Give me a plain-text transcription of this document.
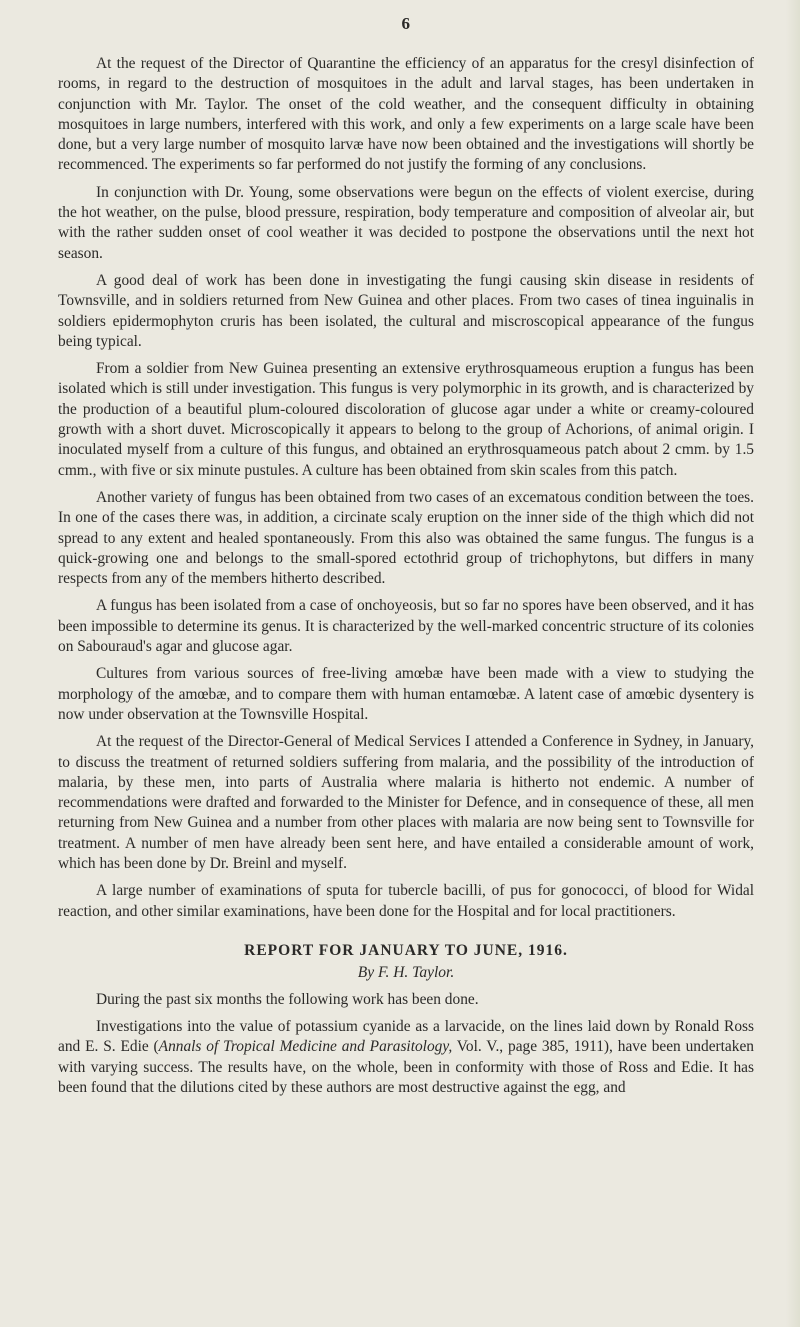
6

At the request of the Director of Quarantine the efficiency of an apparatus for the cresyl disinfection of rooms, in regard to the destruction of mosquitoes in the adult and larval stages, has been undertaken in conjunction with Mr. Taylor. The onset of the cold weather, and the consequent difficulty in obtaining mosquitoes in large numbers, interfered with this work, and only a few experiments on a large scale have been done, but a very large number of mosquito larvæ have now been obtained and the investigations will shortly be recommenced. The experiments so far performed do not justify the forming of any conclusions.

In conjunction with Dr. Young, some observations were begun on the effects of violent exercise, during the hot weather, on the pulse, blood pressure, respiration, body temperature and composition of alveolar air, but with the rather sudden onset of cool weather it was decided to postpone the observations until the next hot season.

A good deal of work has been done in investigating the fungi causing skin disease in residents of Townsville, and in soldiers returned from New Guinea and other places. From two cases of tinea inguinalis in soldiers epidermophyton cruris has been isolated, the cultural and miscroscopical appearance of the fungus being typical.

From a soldier from New Guinea presenting an extensive erythrosquameous eruption a fungus has been isolated which is still under investigation. This fungus is very polymorphic in its growth, and is characterized by the production of a beautiful plum-coloured discoloration of glucose agar under a white or creamy-coloured growth with a short duvet. Microscopically it appears to belong to the group of Achorions, of animal origin. I inoculated myself from a culture of this fungus, and obtained an erythrosquameous patch about 2 cmm. by 1.5 cmm., with five or six minute pustules. A culture has been obtained from skin scales from this patch.

Another variety of fungus has been obtained from two cases of an excematous condition between the toes. In one of the cases there was, in addition, a circinate scaly eruption on the inner side of the thigh which did not spread to any extent and healed spontaneously. From this also was obtained the same fungus. The fungus is a quick-growing one and belongs to the small-spored ectothrid group of trichophytons, but differs in many respects from any of the members hitherto described.

A fungus has been isolated from a case of onchoyeosis, but so far no spores have been observed, and it has been impossible to determine its genus. It is characterized by the well-marked concentric structure of its colonies on Sabouraud's agar and glucose agar.

Cultures from various sources of free-living amœbæ have been made with a view to studying the morphology of the amœbæ, and to compare them with human entamœbæ. A latent case of amœbic dysentery is now under observation at the Townsville Hospital.

At the request of the Director-General of Medical Services I attended a Conference in Sydney, in January, to discuss the treatment of returned soldiers suffering from malaria, and the possibility of the introduction of malaria, by these men, into parts of Australia where malaria is hitherto not endemic. A number of recommendations were drafted and forwarded to the Minister for Defence, and in consequence of these, all men returning from New Guinea and a number from other places with malaria are now being sent to Townsville for treatment. A number of men have already been sent here, and have entailed a considerable amount of work, which has been done by Dr. Breinl and myself.

A large number of examinations of sputa for tubercle bacilli, of pus for gonococci, of blood for Widal reaction, and other similar examinations, have been done for the Hospital and for local practitioners.

REPORT FOR JANUARY TO JUNE, 1916.
By F. H. Taylor.

During the past six months the following work has been done.

Investigations into the value of potassium cyanide as a larvacide, on the lines laid down by Ronald Ross and E. S. Edie (Annals of Tropical Medicine and Parasitology, Vol. V., page 385, 1911), have been undertaken with varying success. The results have, on the whole, been in conformity with those of Ross and Edie. It has been found that the dilutions cited by these authors are most destructive against the egg, and
